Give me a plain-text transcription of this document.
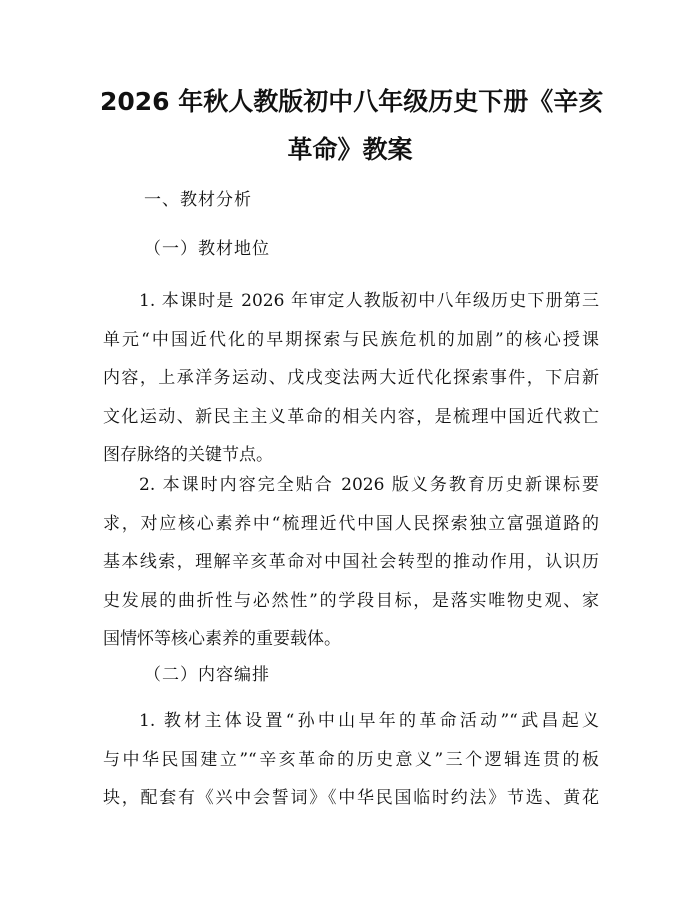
2026 年秋人教版初中八年级历史下册《辛亥
革命》教案
一、教材分析
（一）教材地位
1. 本课时是 2026 年审定人教版初中八年级历史下册第三
单元“中国近代化的早期探索与民族危机的加剧”的核心授课
内容，上承洋务运动、戊戌变法两大近代化探索事件，下启新
文化运动、新民主主义革命的相关内容，是梳理中国近代救亡
图存脉络的关键节点。
2. 本课时内容完全贴合 2026 版义务教育历史新课标要
求，对应核心素养中“梳理近代中国人民探索独立富强道路的
基本线索，理解辛亥革命对中国社会转型的推动作用，认识历
史发展的曲折性与必然性”的学段目标，是落实唯物史观、家
国情怀等核心素养的重要载体。
（二）内容编排
1. 教材主体设置“孙中山早年的革命活动”“武昌起义
与中华民国建立”“辛亥革命的历史意义”三个逻辑连贯的板
块，配套有《兴中会誓词》《中华民国临时约法》节选、黄花
